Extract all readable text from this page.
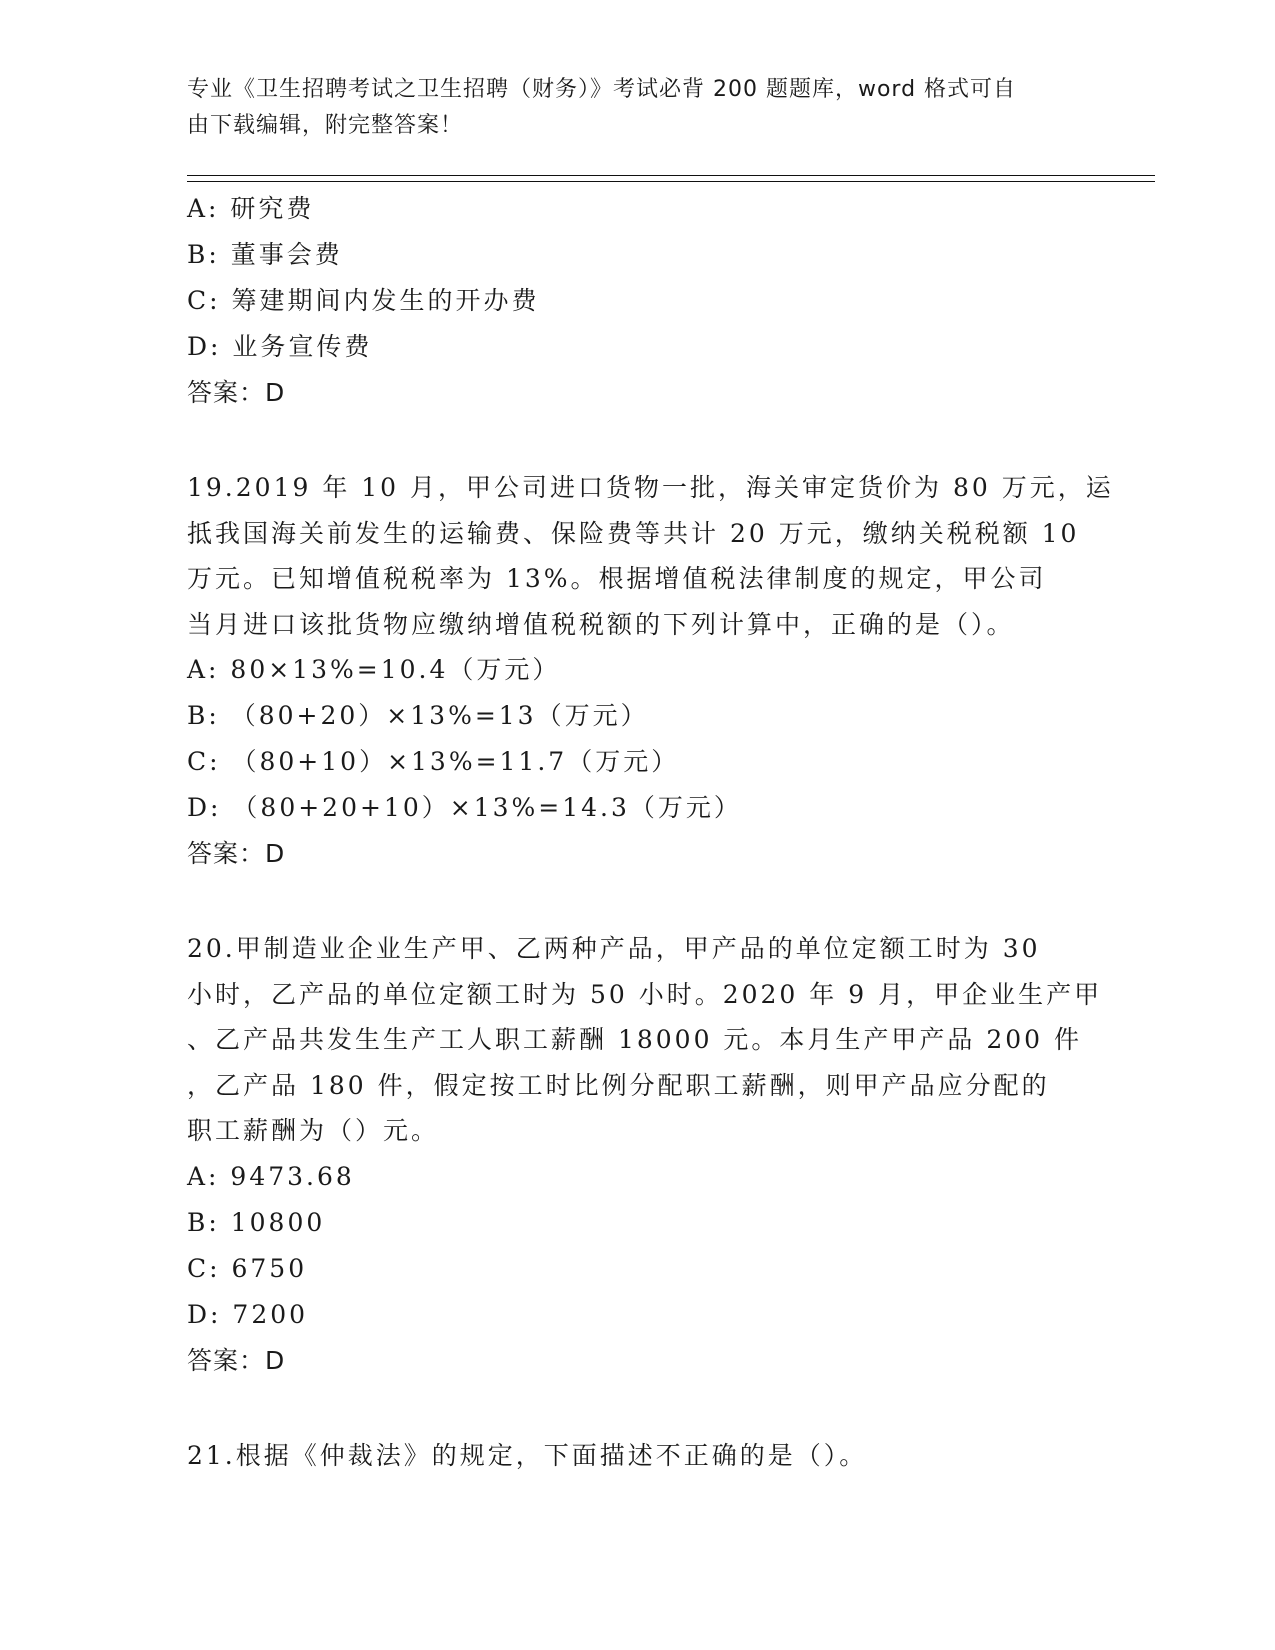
专业《卫生招聘考试之卫生招聘（财务）》考试必背 200 题题库，word 格式可自
由下载编辑，附完整答案！
A: 研究费
B: 董事会费
C: 筹建期间内发生的开办费
D: 业务宣传费
答案：D
19.2019 年 10 月，甲公司进口货物一批，海关审定货价为 80 万元，运
抵我国海关前发生的运输费、保险费等共计 20 万元，缴纳关税税额 10
万元。已知增值税税率为 13%。根据增值税法律制度的规定，甲公司
当月进口该批货物应缴纳增值税税额的下列计算中，正确的是（）。
A: 80×13%=10.4（万元）
B: （80+20）×13%=13（万元）
C: （80+10）×13%=11.7（万元）
D: （80+20+10）×13%=14.3（万元）
答案：D
20.甲制造业企业生产甲、乙两种产品，甲产品的单位定额工时为 30
小时，乙产品的单位定额工时为 50 小时。2020 年 9 月，甲企业生产甲
、乙产品共发生生产工人职工薪酬 18000 元。本月生产甲产品 200 件
，乙产品 180 件，假定按工时比例分配职工薪酬，则甲产品应分配的
职工薪酬为（）元。
A: 9473.68
B: 10800
C: 6750
D: 7200
答案：D
21.根据《仲裁法》的规定，下面描述不正确的是（）。
